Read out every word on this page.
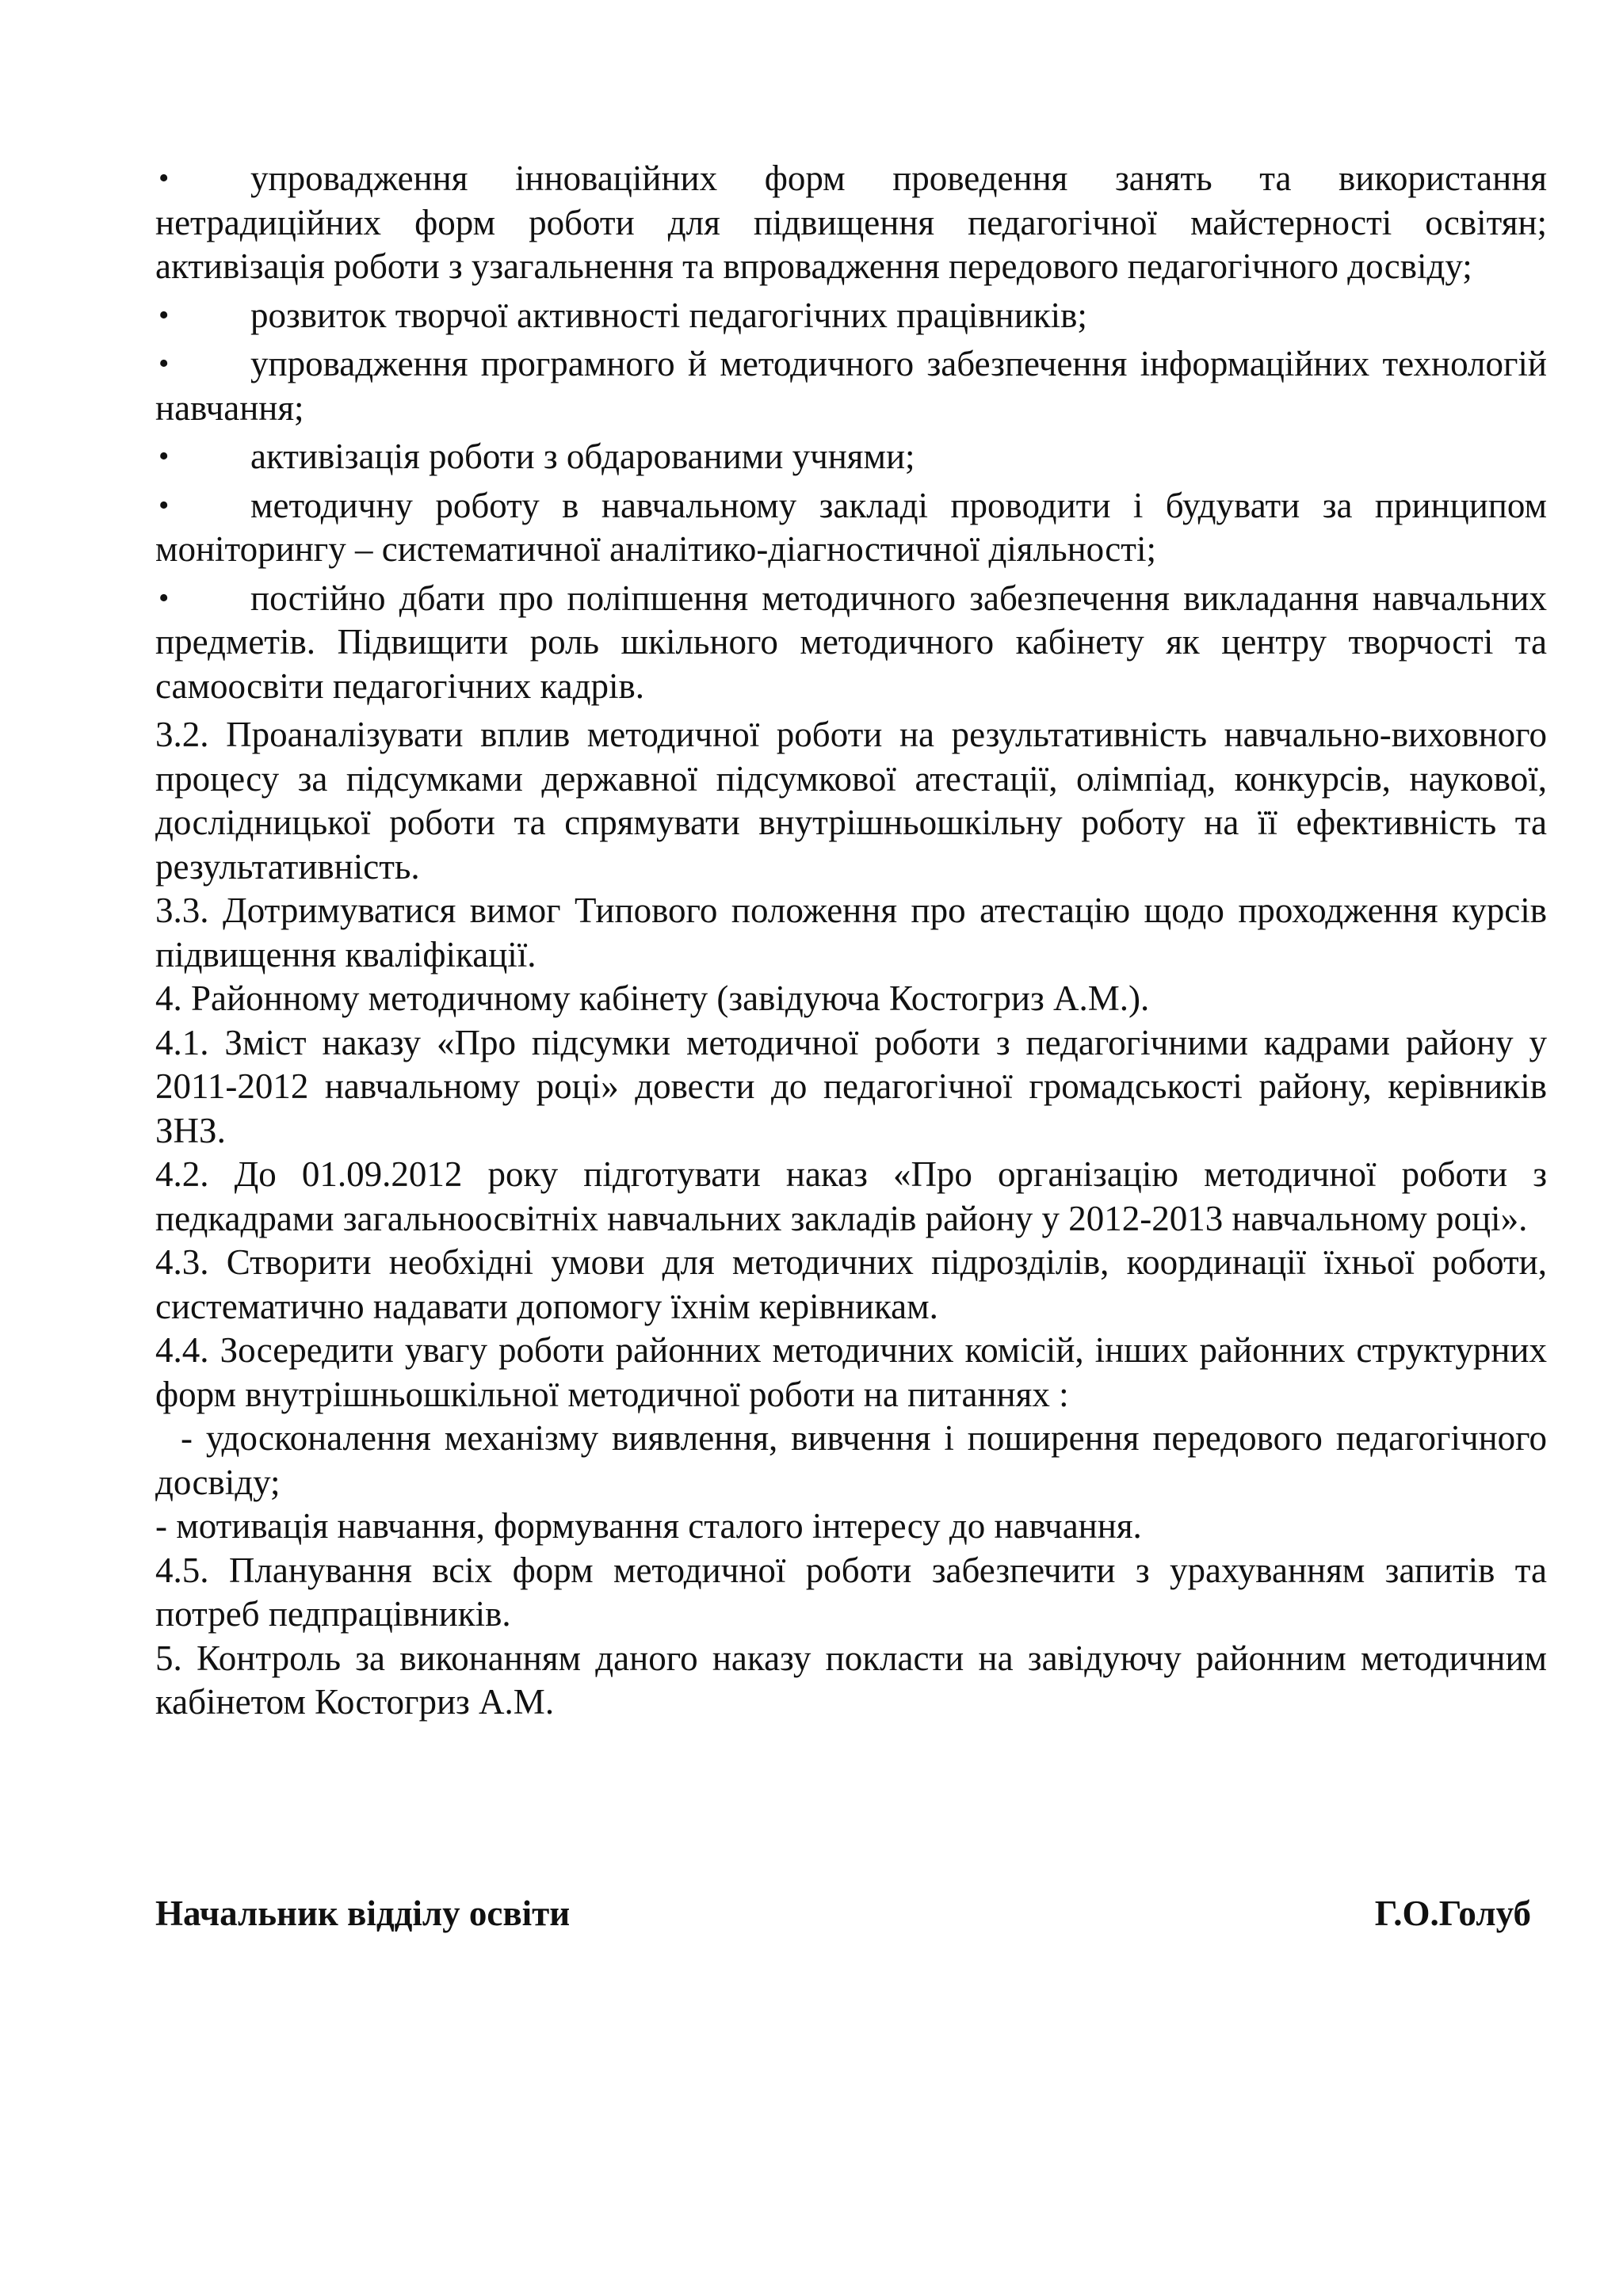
• упровадження інноваційних форм проведення занять та використання нетрадиційних форм роботи для підвищення педагогічної майстерності освітян; активізація роботи з узагальнення та впровадження передового педагогічного досвіду;

• розвиток творчої активності педагогічних працівників;

• упровадження програмного й методичного забезпечення інформаційних технологій навчання;

• активізація роботи з обдарованими учнями;

• методичну роботу в навчальному закладі проводити і будувати за принципом моніторингу – систематичної аналітико-діагностичної діяльності;

• постійно дбати про поліпшення методичного забезпечення викладання навчальних предметів. Підвищити роль шкільного методичного кабінету як центру творчості та самоосвіти педагогічних кадрів.

3.2. Проаналізувати вплив методичної роботи на результативність навчально-виховного процесу за підсумками державної підсумкової атестації, олімпіад, конкурсів, наукової, дослідницької роботи та спрямувати внутрішньошкільну роботу на її ефективність та результативність.

3.3. Дотримуватися вимог Типового положення про атестацію щодо проходження курсів підвищення кваліфікації.

4. Районному методичному кабінету (завідуюча Костогриз А.М.).

4.1. Зміст наказу «Про підсумки методичної роботи з педагогічними кадрами району у 2011-2012 навчальному році» довести до педагогічної громадськості району, керівників ЗНЗ.

4.2. До 01.09.2012 року підготувати наказ «Про організацію методичної роботи з педкадрами загальноосвітніх навчальних закладів району у 2012-2013 навчальному році».

4.3. Створити необхідні умови для методичних підрозділів, координації їхньої роботи, систематично надавати допомогу їхнім керівникам.

4.4. Зосередити увагу роботи районних методичних комісій, інших районних структурних форм внутрішньошкільної методичної роботи на питаннях :

- удосконалення механізму виявлення, вивчення і поширення передового педагогічного досвіду;

- мотивація навчання, формування сталого інтересу до навчання.

4.5. Планування всіх форм методичної роботи забезпечити з урахуванням запитів та потреб педпрацівників.

5. Контроль за виконанням даного наказу покласти на завідуючу районним методичним кабінетом Костогриз А.М.

Начальник відділу освіти	Г.О.Голуб
